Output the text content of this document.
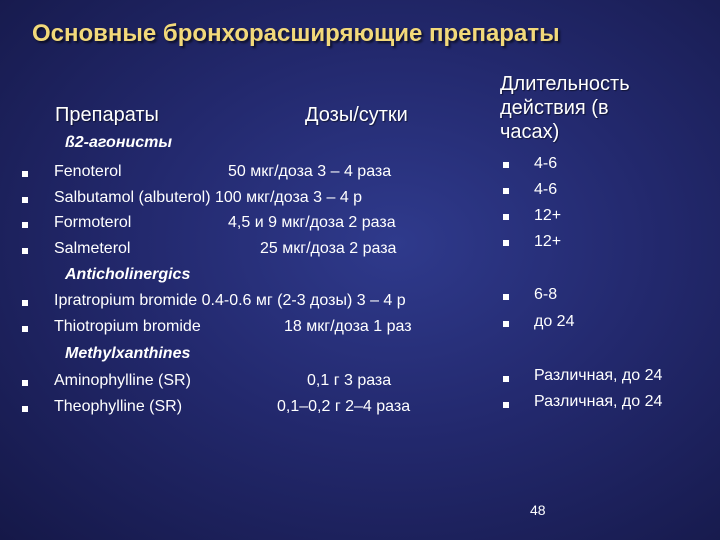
Основные бронхорасширяющие препараты
Препараты	Дозы/сутки
Длительность
действия (в
часах)
ß2-агонисты
Anticholinergics
Methylxanthines
Fenoterol	50 мкг/доза 3 – 4 раза	4-6
Salbutamol (albuterol) 100 мкг/доза 3 – 4 р	4-6
Formoterol	4,5 и 9 мкг/доза 2 раза	12+
Salmeterol	25 мкг/доза 2 раза	12+
Ipratropium bromide 0.4-0.6 мг (2-3 дозы) 3 – 4 р	6-8
Thiotropium bromide	18 мкг/доза 1 раз	до 24
Aminophylline (SR)	0,1 г 3 раза	Различная, до 24
Theophylline (SR)	0,1–0,2 г 2–4 раза	Различная, до 24
48
